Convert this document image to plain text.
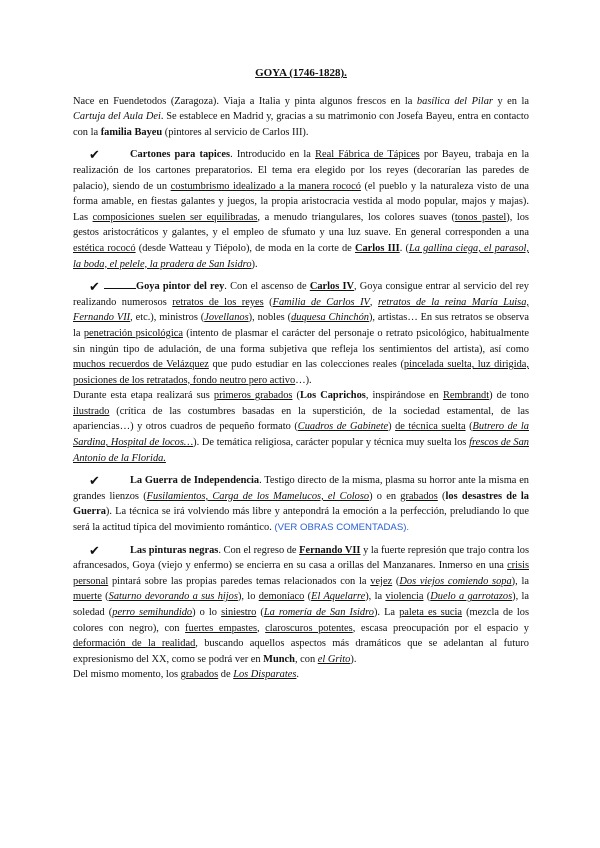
GOYA (1746-1828).

Nace en Fuendetodos (Zaragoza). Viaja a Italia y pinta algunos frescos en la basílica del Pilar y en la Cartuja del Aula Dei. Se establece en Madrid y, gracias a su matrimonio con Josefa Bayeu, entra en contacto con la familia Bayeu (pintores al servicio de Carlos III).

✔	Cartones para tapices. Introducido en la Real Fábrica de Tápices por Bayeu, trabaja en la realización de los cartones preparatorios. El tema era elegido por los reyes (decorarían las paredes de palacio), siendo de un costumbrismo idealizado a la manera rococó (el pueblo y la naturaleza visto de una forma amable, en fiestas galantes y juegos, la propia aristocracia vestida al modo popular, majos y majas). Las composiciones suelen ser equilibradas, a menudo triangulares, los colores suaves (tonos pastel), los gestos aristocráticos y galantes, y el empleo de sfumato y una luz suave. En general corresponden a una estética rococó (desde Watteau y Tiépolo), de moda en la corte de Carlos III. (La gallina ciega, el parasol, la boda, el pelele, la pradera de San Isidro).

✔	Goya pintor del rey. Con el ascenso de Carlos IV, Goya consigue entrar al servicio del rey realizando numerosos retratos de los reyes (Familia de Carlos IV, retratos de la reina María Luisa, Fernando VII, etc.), ministros (Jovellanos), nobles (duquesa Chinchón), artistas… En sus retratos se observa la penetración psicológica (intento de plasmar el carácter del personaje o retrato psicológico, habitualmente sin ningún tipo de adulación, de una forma subjetiva que refleja los sentimientos del artista), así como muchos recuerdos de Velázquez que pudo estudiar en las colecciones reales (pincelada suelta, luz dirigida, posiciones de los retratados, fondo neutro pero activo…).

Durante esta etapa realizará sus primeros grabados (Los Caprichos, inspirándose en Rembrandt) de tono ilustrado (crítica de las costumbres basadas en la superstición, de la sociedad estamental, de las apariencias…) y otros cuadros de pequeño formato (Cuadros de Gabinete) de técnica suelta (Butrero de la Sardina, Hospital de locos…). De temática religiosa, carácter popular y técnica muy suelta los frescos de San Antonio de la Florida.

✔	La Guerra de Independencia. Testigo directo de la misma, plasma su horror ante la misma en grandes lienzos (Fusilamientos, Carga de los Mamelucos, el Coloso) o en grabados (los desastres de la Guerra). La técnica se irá volviendo más libre y antepondrá la emoción a la perfección, preludiando lo que será la actitud típica del movimiento romántico. (VER OBRAS COMENTADAS).

✔	Las pinturas negras. Con el regreso de Fernando VII y la fuerte represión que trajo contra los afrancesados, Goya (viejo y enfermo) se encierra en su casa a orillas del Manzanares. Inmerso en una crisis personal pintará sobre las propias paredes temas relacionados con la vejez (Dos viejos comiendo sopa), la muerte (Saturno devorando a sus hijos), lo demoníaco (El Aquelarre), la violencia (Duelo a garrotazos), la soledad (perro semihundido) o lo siniestro (La romería de San Isidro). La paleta es sucia (mezcla de los colores con negro), con fuertes empastes, claroscuros potentes, escasa preocupación por el espacio y deformación de la realidad, buscando aquellos aspectos más dramáticos que se adelantan al futuro expresionismo del XX, como se podrá ver en Munch, con el Grito).

Del mismo momento, los grabados de Los Disparates.
